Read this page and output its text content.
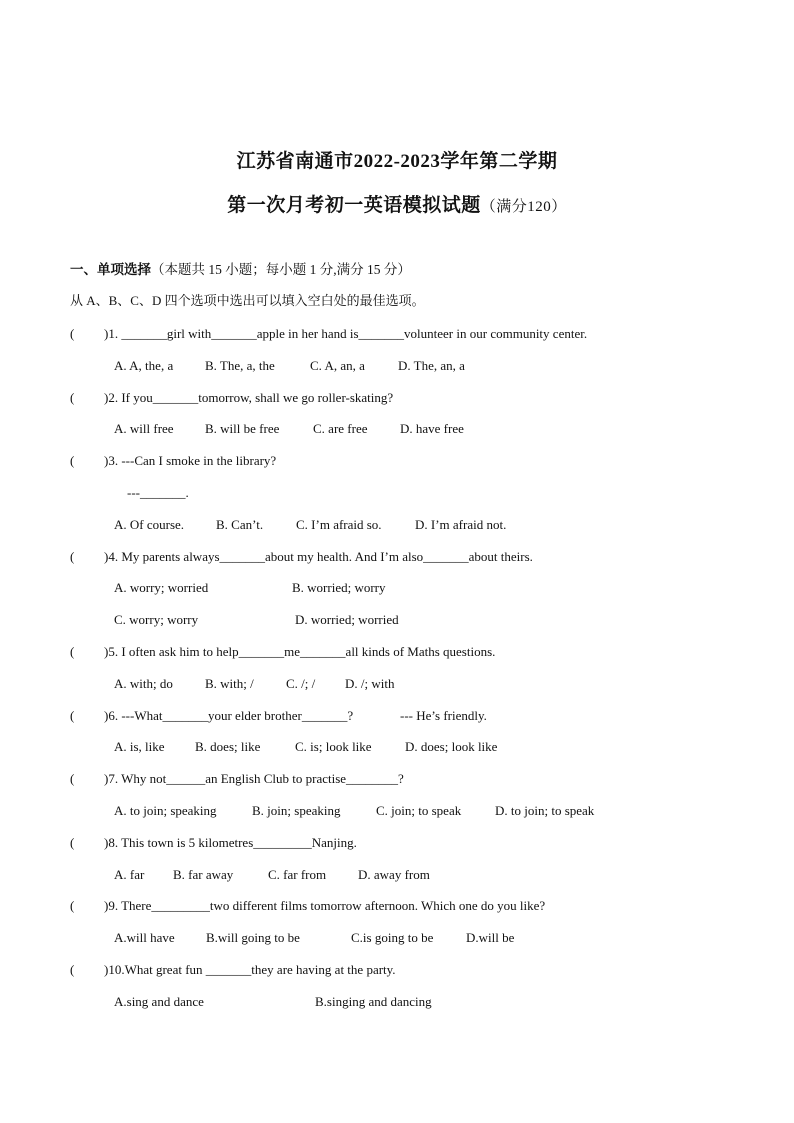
江苏省南通市2022-2023学年第二学期
第一次月考初一英语模拟试题（满分120）
一、单项选择（本题共 15 小题；每小题 1 分,满分 15 分）
从 A、B、C、D 四个选项中选出可以填入空白处的最佳选项。
( )1. _______girl with_______apple in her hand is_______volunteer in our community center.
A. A, the, a B. The, a, the	C. A, an, a	D. The, an, a
( )2. If you_______tomorrow, shall we go roller-skating?
A. will free B. will be free	C. are free	D. have free
( )3. ---Can I smoke in the library?
---_______.
A. Of course. B. Can’t.	C. I’m afraid so.	D. I’m afraid not.
( )4. My parents always_______about my health. And I’m also_______about theirs.
A. worry; worried	B. worried; worry
C. worry; worry	D. worried; worried
( )5. I often ask him to help_______me_______all kinds of Maths questions.
A. with; do B. with; / C. /; / D. /; with
( )6. ---What_______your elder brother_______?	--- He’s friendly.
A. is, like B. does; like	C. is; look like	D. does; look like
( )7. Why not______an English Club to practise________?
A. to join; speaking	B. join; speaking	C. join; to speak	D. to join; to speak
( )8. This town is 5 kilometres_________Nanjing.
A. far B. far away	C. far from D. away from
( )9. There_________two different films tomorrow afternoon. Which one do you like?
A.will have B.will going to be	C.is going to be	D.will be
( )10.What great fun _______they are having at the party.
A.sing and dance	B.singing and dancing
